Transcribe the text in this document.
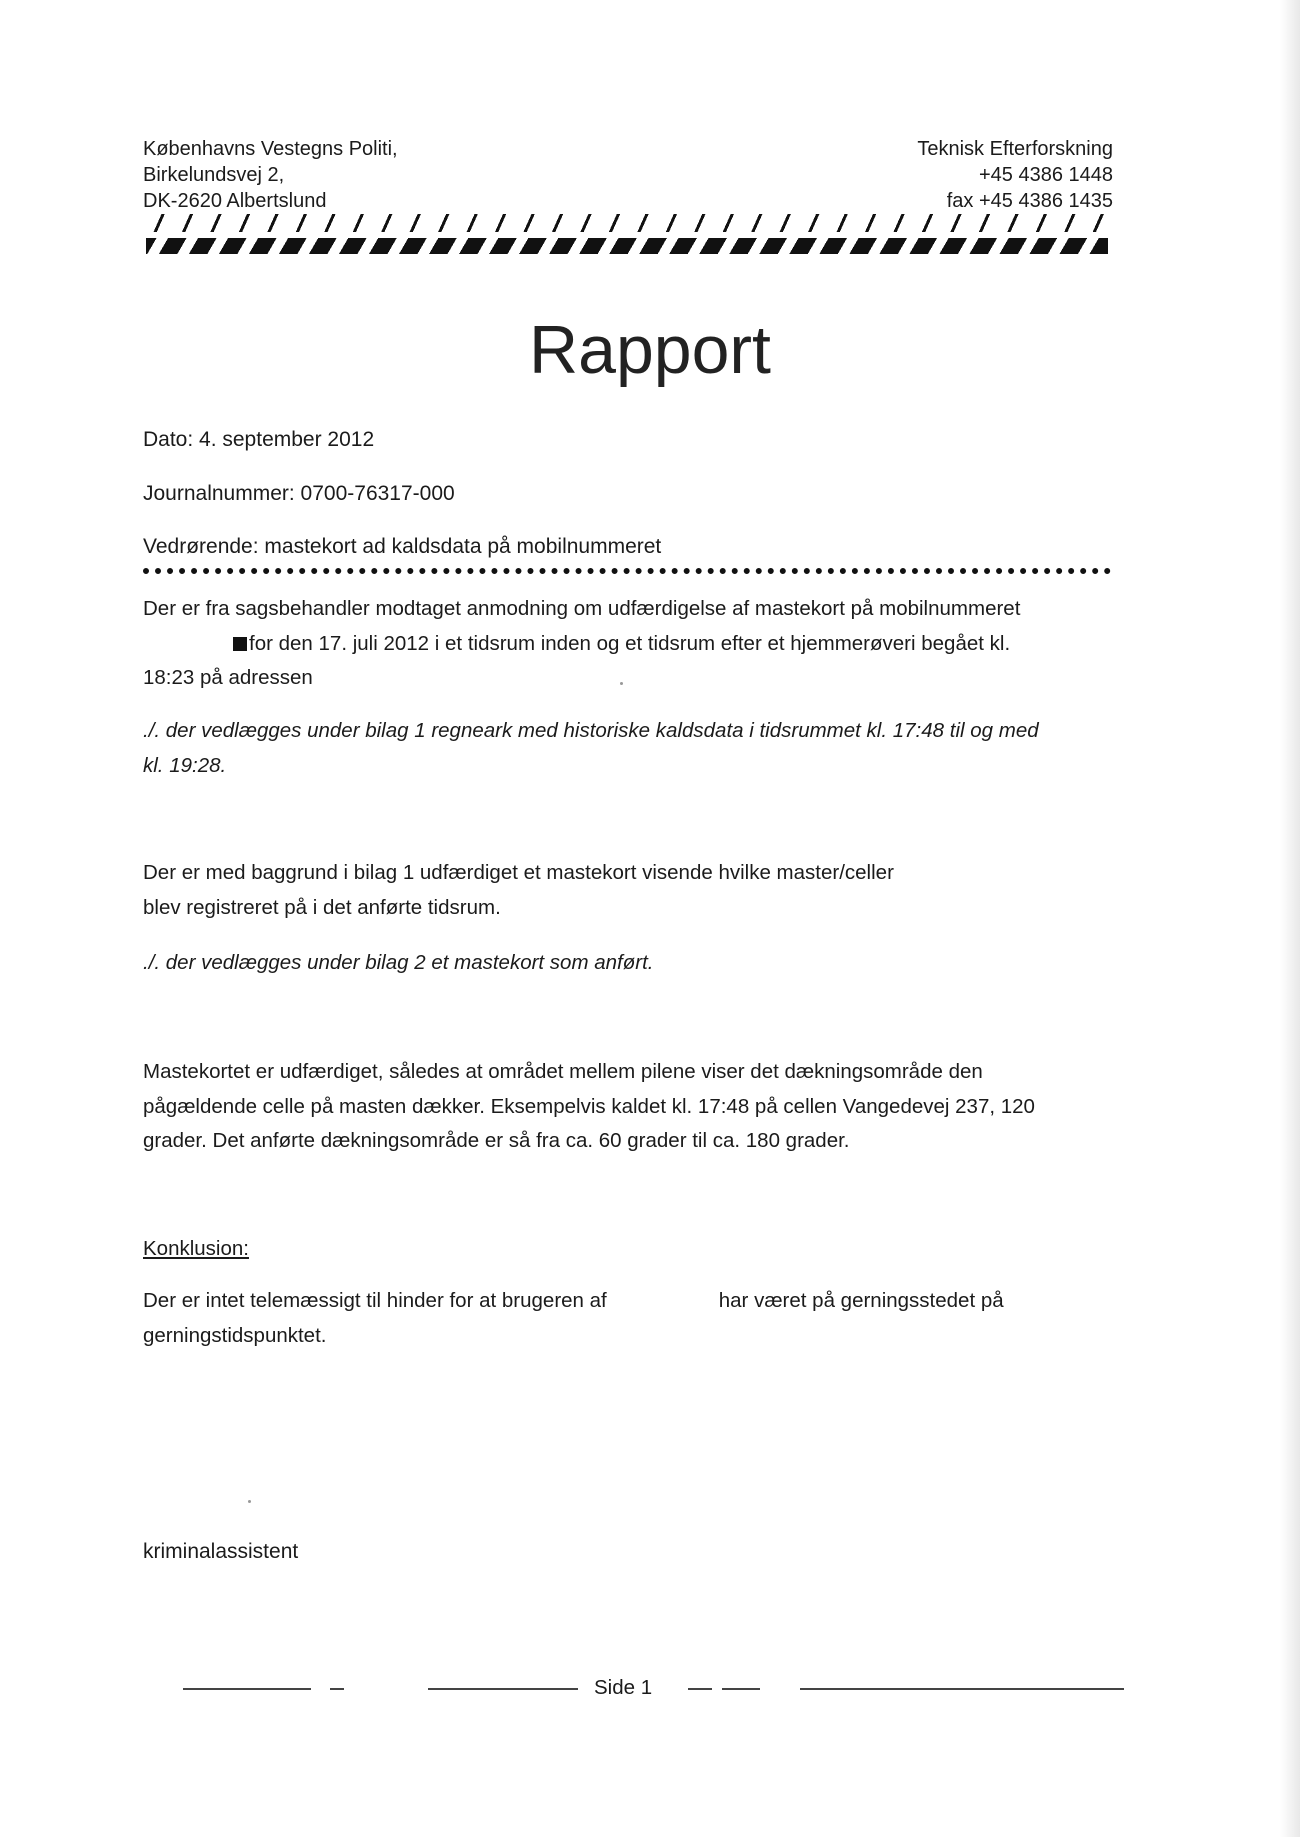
Københavns Vestegns Politi,
Birkelundsvej 2,
DK-2620 Albertslund
Teknisk Efterforskning
+45 4386 1448
fax +45 4386 1435
Rapport
Dato: 4. september 2012
Journalnummer: 0700-76317-000
Vedrørende: mastekort ad kaldsdata på mobilnummeret
Der er fra sagsbehandler modtaget anmodning om udfærdigelse af mastekort på mobilnummeret
for den 17. juli 2012 i et tidsrum inden og et tidsrum efter et hjemmerøveri begået kl.
18:23 på adressen
./. der vedlægges under bilag 1 regneark med historiske kaldsdata i tidsrummet kl. 17:48 til og med
kl. 19:28.
Der er med baggrund i bilag 1 udfærdiget et mastekort visende hvilke master/celler
blev registreret på i det anførte tidsrum.
./. der vedlægges under bilag 2 et mastekort som anført.
Mastekortet er udfærdiget, således at området mellem pilene viser det dækningsområde den
pågældende celle på masten dækker. Eksempelvis kaldet kl. 17:48 på cellen Vangedevej 237, 120
grader. Det anførte dækningsområde er så fra ca. 60 grader til ca. 180 grader.
Konklusion:
Der er intet telemæssigt til hinder for at brugeren af	har været på gerningsstedet på
gerningstidspunktet.
kriminalassistent
Side 1
